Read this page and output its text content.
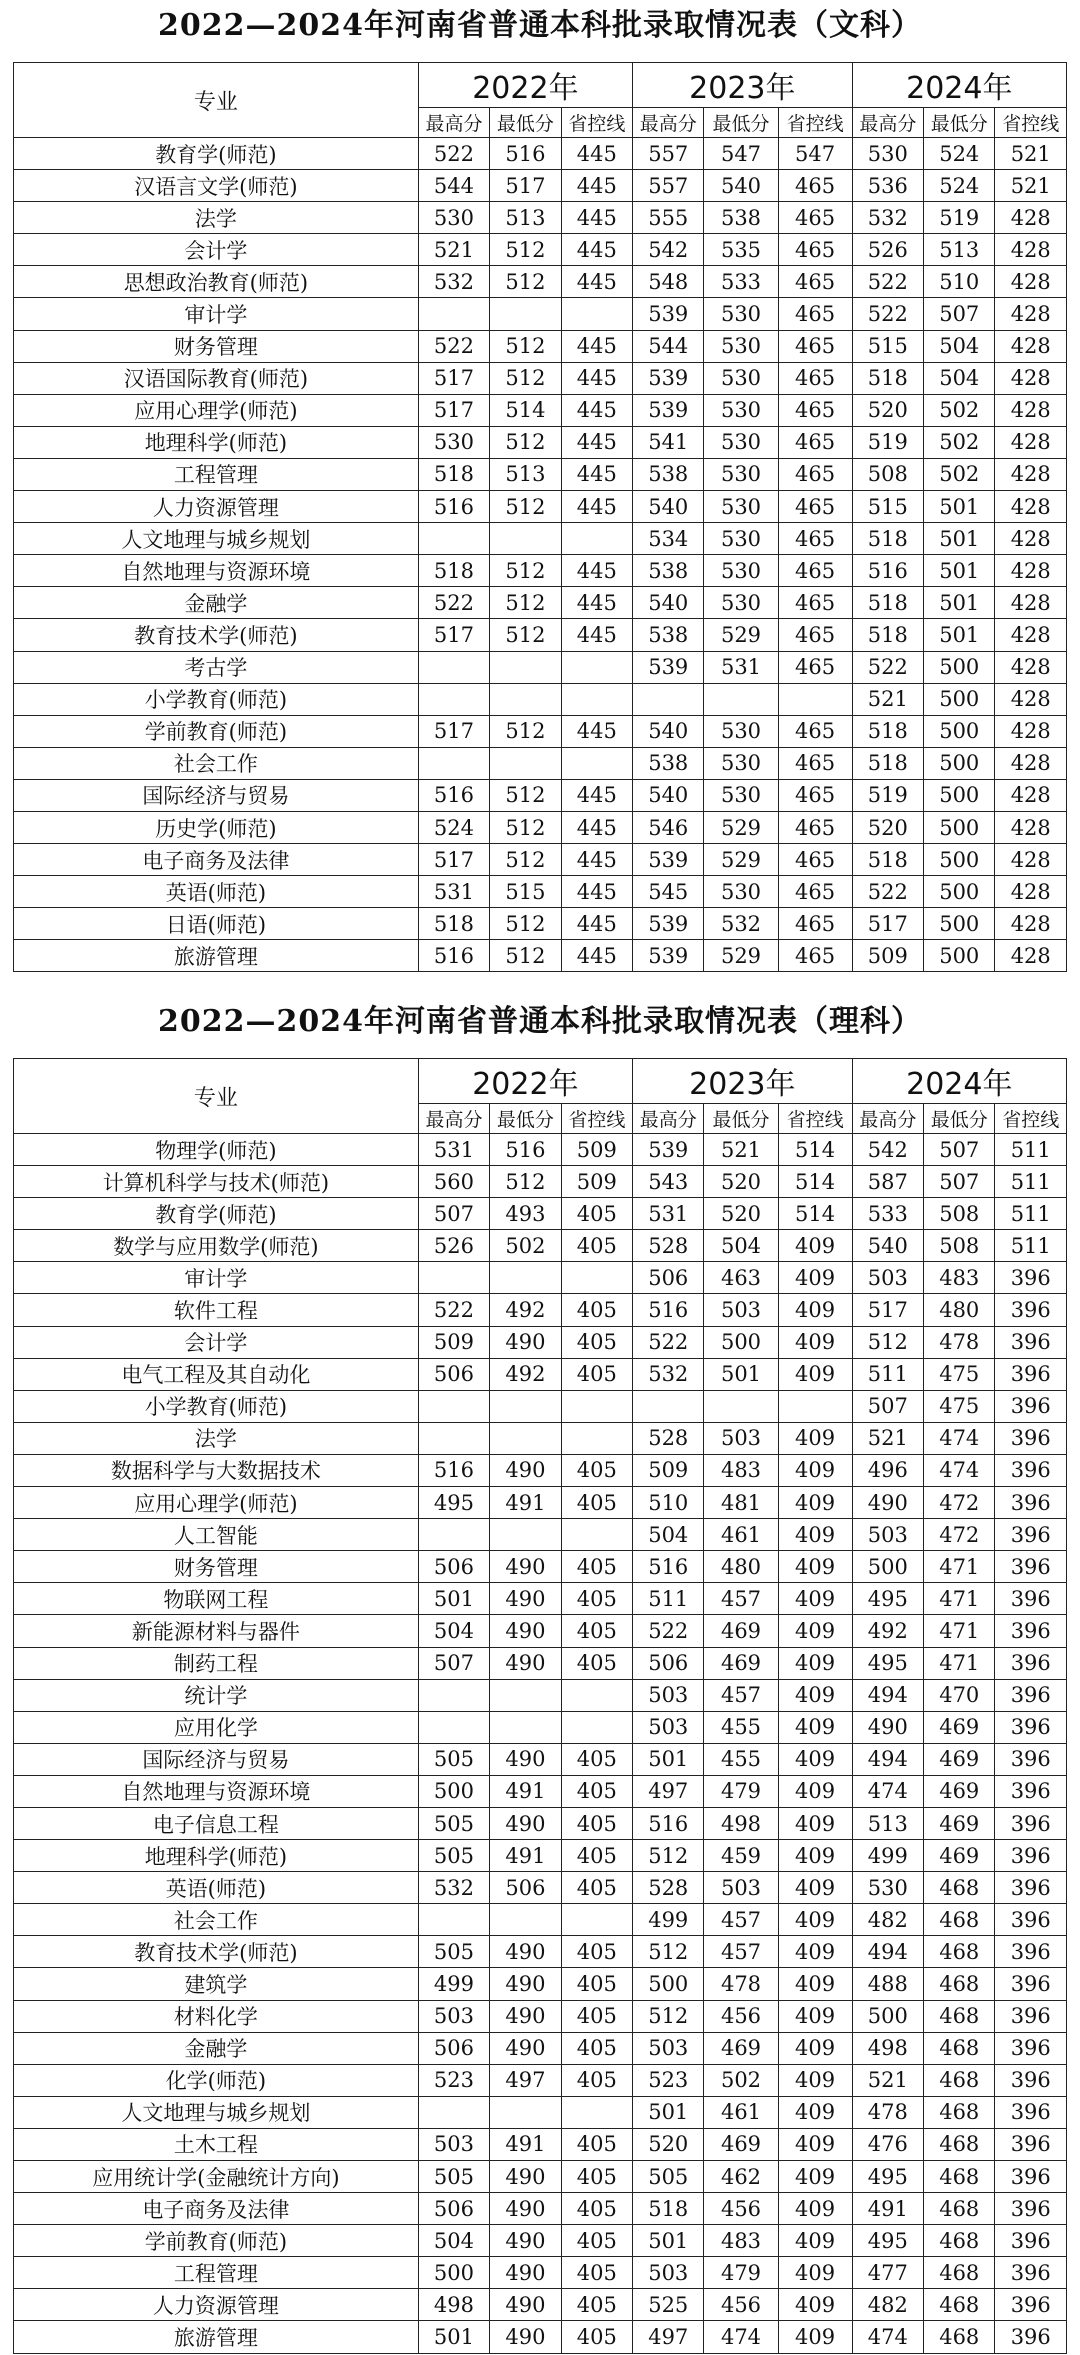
2022—2024年河南省普通本科批录取情况表（文科）
专业	2022年			2023年			2024年		
	最高分	最低分	省控线	最高分	最低分	省控线	最高分	最低分	省控线
教育学(师范)	522	516	445	557	547	547	530	524	521
汉语言文学(师范)	544	517	445	557	540	465	536	524	521
法学	530	513	445	555	538	465	532	519	428
会计学	521	512	445	542	535	465	526	513	428
思想政治教育(师范)	532	512	445	548	533	465	522	510	428
审计学				539	530	465	522	507	428
财务管理	522	512	445	544	530	465	515	504	428
汉语国际教育(师范)	517	512	445	539	530	465	518	504	428
应用心理学(师范)	517	514	445	539	530	465	520	502	428
地理科学(师范)	530	512	445	541	530	465	519	502	428
工程管理	518	513	445	538	530	465	508	502	428
人力资源管理	516	512	445	540	530	465	515	501	428
人文地理与城乡规划				534	530	465	518	501	428
自然地理与资源环境	518	512	445	538	530	465	516	501	428
金融学	522	512	445	540	530	465	518	501	428
教育技术学(师范)	517	512	445	538	529	465	518	501	428
考古学				539	531	465	522	500	428
小学教育(师范)							521	500	428
学前教育(师范)	517	512	445	540	530	465	518	500	428
社会工作				538	530	465	518	500	428
国际经济与贸易	516	512	445	540	530	465	519	500	428
历史学(师范)	524	512	445	546	529	465	520	500	428
电子商务及法律	517	512	445	539	529	465	518	500	428
英语(师范)	531	515	445	545	530	465	522	500	428
日语(师范)	518	512	445	539	532	465	517	500	428
旅游管理	516	512	445	539	529	465	509	500	428
2022—2024年河南省普通本科批录取情况表（理科）
专业	2022年			2023年			2024年		
	最高分	最低分	省控线	最高分	最低分	省控线	最高分	最低分	省控线
物理学(师范)	531	516	509	539	521	514	542	507	511
计算机科学与技术(师范)	560	512	509	543	520	514	587	507	511
教育学(师范)	507	493	405	531	520	514	533	508	511
数学与应用数学(师范)	526	502	405	528	504	409	540	508	511
审计学				506	463	409	503	483	396
软件工程	522	492	405	516	503	409	517	480	396
会计学	509	490	405	522	500	409	512	478	396
电气工程及其自动化	506	492	405	532	501	409	511	475	396
小学教育(师范)							507	475	396
法学				528	503	409	521	474	396
数据科学与大数据技术	516	490	405	509	483	409	496	474	396
应用心理学(师范)	495	491	405	510	481	409	490	472	396
人工智能				504	461	409	503	472	396
财务管理	506	490	405	516	480	409	500	471	396
物联网工程	501	490	405	511	457	409	495	471	396
新能源材料与器件	504	490	405	522	469	409	492	471	396
制药工程	507	490	405	506	469	409	495	471	396
统计学				503	457	409	494	470	396
应用化学				503	455	409	490	469	396
国际经济与贸易	505	490	405	501	455	409	494	469	396
自然地理与资源环境	500	491	405	497	479	409	474	469	396
电子信息工程	505	490	405	516	498	409	513	469	396
地理科学(师范)	505	491	405	512	459	409	499	469	396
英语(师范)	532	506	405	528	503	409	530	468	396
社会工作				499	457	409	482	468	396
教育技术学(师范)	505	490	405	512	457	409	494	468	396
建筑学	499	490	405	500	478	409	488	468	396
材料化学	503	490	405	512	456	409	500	468	396
金融学	506	490	405	503	469	409	498	468	396
化学(师范)	523	497	405	523	502	409	521	468	396
人文地理与城乡规划				501	461	409	478	468	396
土木工程	503	491	405	520	469	409	476	468	396
应用统计学(金融统计方向)	505	490	405	505	462	409	495	468	396
电子商务及法律	506	490	405	518	456	409	491	468	396
学前教育(师范)	504	490	405	501	483	409	495	468	396
工程管理	500	490	405	503	479	409	477	468	396
人力资源管理	498	490	405	525	456	409	482	468	396
旅游管理	501	490	405	497	474	409	474	468	396
